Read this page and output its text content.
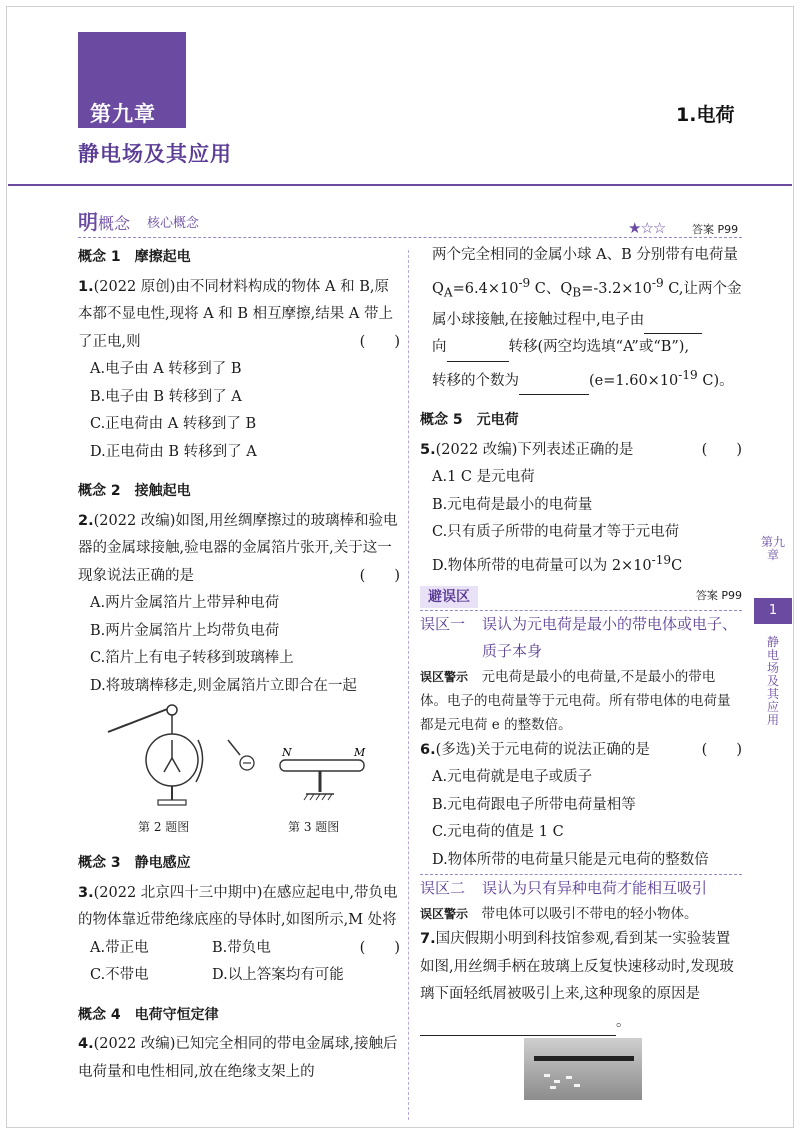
第九章
静电场及其应用
1.电荷
明概念 核心概念	★☆☆ 答案 P99
概念 1　摩擦起电
1.(2022 原创)由不同材料构成的物体 A 和 B,原本都不显电性,现将 A 和 B 相互摩擦,结果 A 带上了正电,则	(　　)
A.电子由 A 转移到了 B
B.电子由 B 转移到了 A
C.正电荷由 A 转移到了 B
D.正电荷由 B 转移到了 A
概念 2　接触起电
2.(2022 改编)如图,用丝绸摩擦过的玻璃棒和验电器的金属球接触,验电器的金属箔片张开,关于这一现象说法正确的是	(　　)
A.两片金属箔片上带异种电荷
B.两片金属箔片上均带负电荷
C.箔片上有电子转移到玻璃棒上
D.将玻璃棒移走,则金属箔片立即合在一起
N	M
第 2 题图	第 3 题图
概念 3　静电感应
3.(2022 北京四十三中期中)在感应起电中,带负电的物体靠近带绝缘底座的导体时,如图所示,M 处将
(　　)
A.带正电	B.带负电
C.不带电	D.以上答案均有可能
概念 4　电荷守恒定律
4.(2022 改编)已知完全相同的带电金属球,接触后电荷量和电性相同,放在绝缘支架上的
两个完全相同的金属小球 A、B 分别带有电荷量 $Q_A=6.4\times 10^{-9}$ C、$Q_B=-3.2\times 10^{-9}$ C,让两个金属小球接触,在接触过程中,电子由
向	转移(两空均选填“A”或“B”),
转移的个数为	($e=1.60\times 10^{-19}$ C)。
概念 5　元电荷
5.(2022 改编)下列表述正确的是	(　　)
A.1 C 是元电荷
B.元电荷是最小的电荷量
C.只有质子所带的电荷量才等于元电荷
D.物体所带的电荷量可以为 $2\times 10^{-19}C$
避误区	答案 P99
误区一	误认为元电荷是最小的带电体或电子、质子本身
误区警示　 元电荷是最小的电荷量,不是最小的带电体。电子的电荷量等于元电荷。所有带电体的电荷量都是元电荷 e 的整数倍。
6.(多选)关于元电荷的说法正确的是	(　　)
A.元电荷就是电子或质子
B.元电荷跟电子所带电荷量相等
C.元电荷的值是 1 C
D.物体所带的电荷量只能是元电荷的整数倍
误区二	误认为只有异种电荷才能相互吸引
误区警示　 带电体可以吸引不带电的轻小物体。
7.国庆假期小明到科技馆参观,看到某一实验装置如图,用丝绸手柄在玻璃上反复快速移动时,发现玻璃下面轻纸屑被吸引上来,这种现象的原因是。
第九章
1
静电场及其应用
